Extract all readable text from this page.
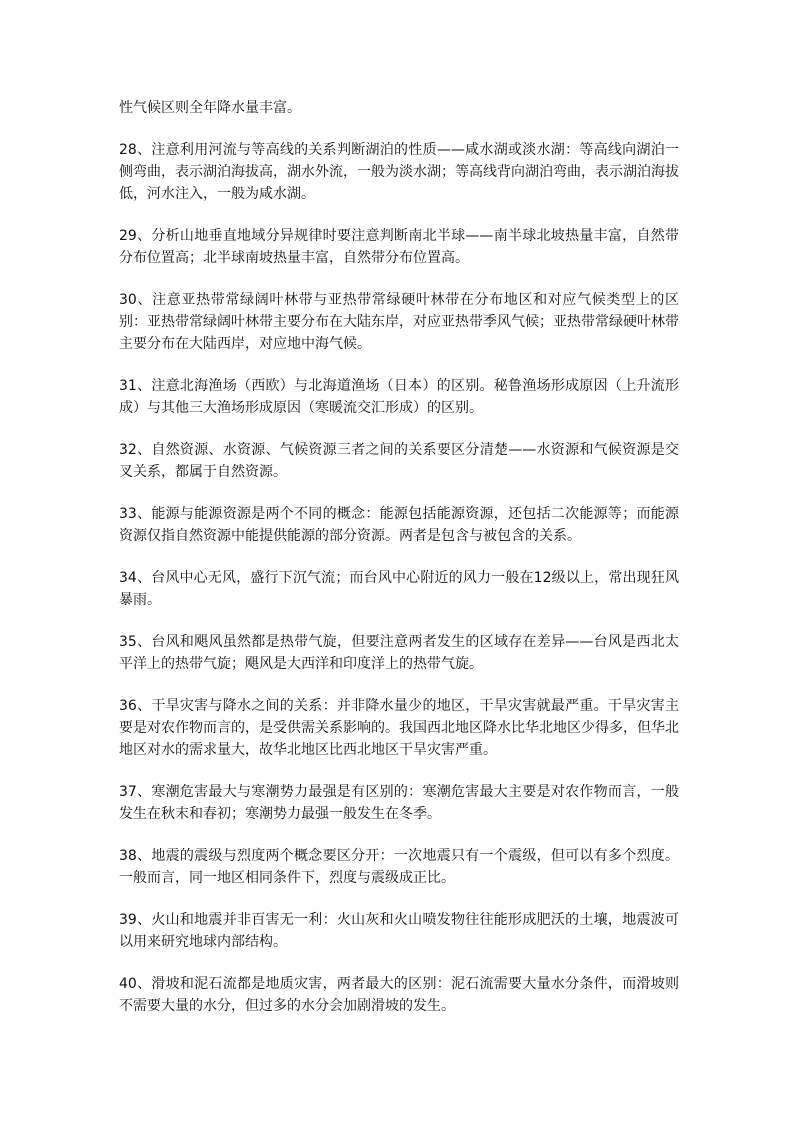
性气候区则全年降水量丰富。

28、注意利用河流与等高线的关系判断湖泊的性质——咸水湖或淡水湖：等高线向湖泊一侧弯曲，表示湖泊海拔高，湖水外流，一般为淡水湖；等高线背向湖泊弯曲，表示湖泊海拔低，河水注入，一般为咸水湖。

29、分析山地垂直地域分异规律时要注意判断南北半球——南半球北坡热量丰富，自然带分布位置高；北半球南坡热量丰富，自然带分布位置高。

30、注意亚热带常绿阔叶林带与亚热带常绿硬叶林带在分布地区和对应气候类型上的区别：亚热带常绿阔叶林带主要分布在大陆东岸，对应亚热带季风气候；亚热带常绿硬叶林带主要分布在大陆西岸，对应地中海气候。

31、注意北海渔场（西欧）与北海道渔场（日本）的区别。秘鲁渔场形成原因（上升流形成）与其他三大渔场形成原因（寒暖流交汇形成）的区别。

32、自然资源、水资源、气候资源三者之间的关系要区分清楚——水资源和气候资源是交叉关系，都属于自然资源。

33、能源与能源资源是两个不同的概念：能源包括能源资源，还包括二次能源等；而能源资源仅指自然资源中能提供能源的部分资源。两者是包含与被包含的关系。

34、台风中心无风，盛行下沉气流；而台风中心附近的风力一般在12级以上，常出现狂风暴雨。

35、台风和飓风虽然都是热带气旋，但要注意两者发生的区域存在差异——台风是西北太平洋上的热带气旋；飓风是大西洋和印度洋上的热带气旋。

36、干旱灾害与降水之间的关系：并非降水量少的地区，干旱灾害就最严重。干旱灾害主要是对农作物而言的，是受供需关系影响的。我国西北地区降水比华北地区少得多，但华北地区对水的需求量大，故华北地区比西北地区干旱灾害严重。

37、寒潮危害最大与寒潮势力最强是有区别的：寒潮危害最大主要是对农作物而言，一般发生在秋末和春初；寒潮势力最强一般发生在冬季。

38、地震的震级与烈度两个概念要区分开：一次地震只有一个震级，但可以有多个烈度。一般而言，同一地区相同条件下，烈度与震级成正比。

39、火山和地震并非百害无一利：火山灰和火山喷发物往往能形成肥沃的土壤，地震波可以用来研究地球内部结构。

40、滑坡和泥石流都是地质灾害，两者最大的区别：泥石流需要大量水分条件，而滑坡则不需要大量的水分，但过多的水分会加剧滑坡的发生。
